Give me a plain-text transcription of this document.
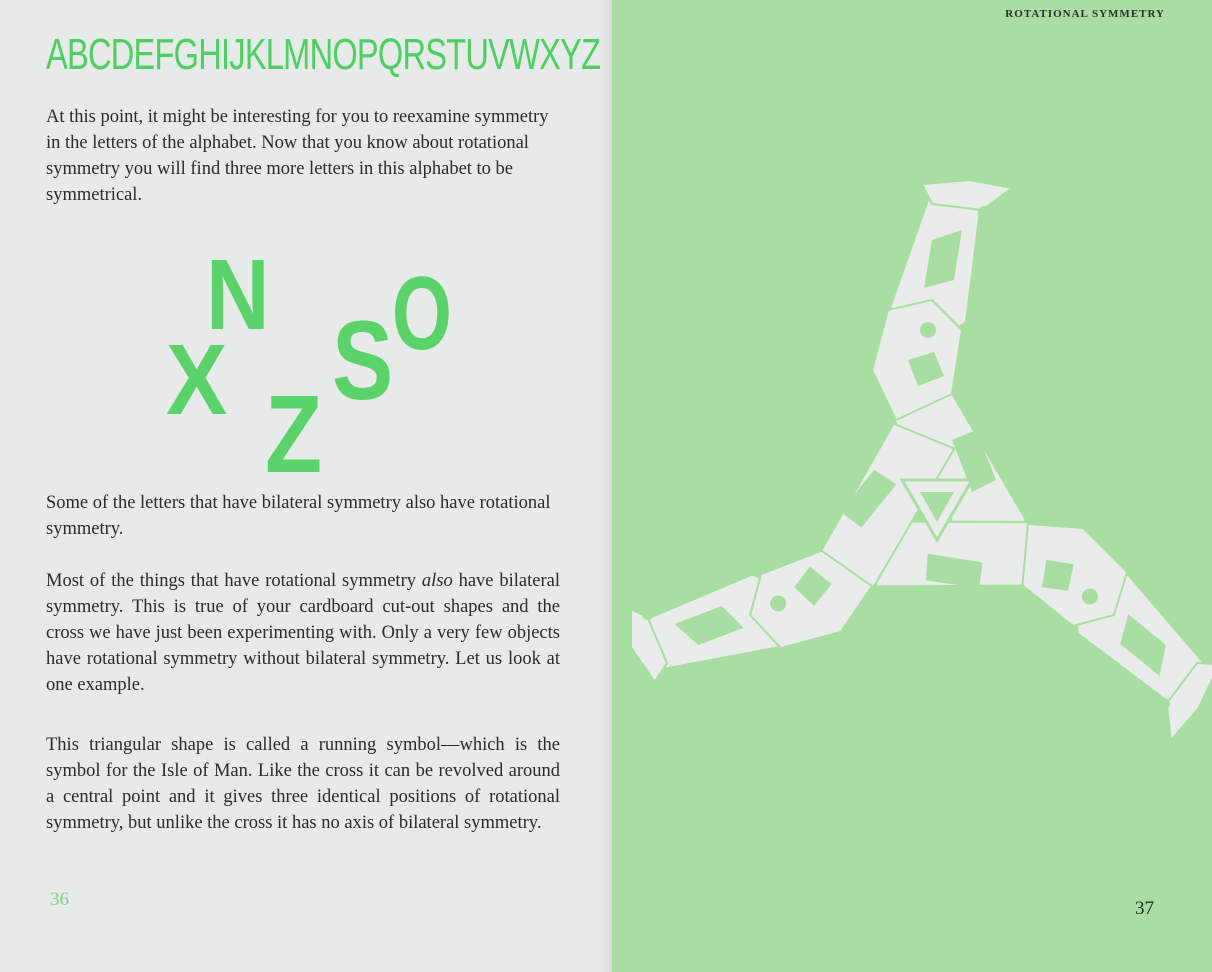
ABCDEFGHIJKLMNOPQRSTUVWXYZ

At this point, it might be interesting for you to reexamine symmetry in the letters of the alphabet. Now that you know about rotational symmetry you will find three more letters in this alphabet to be symmetrical.

N
X Z
S
O

Some of the letters that have bilateral symmetry also have rotational symmetry.

Most of the things that have rotational symmetry also have bilateral symmetry. This is true of your cardboard cut-out shapes and the cross we have just been experimenting with. Only a very few objects have rotational symmetry without bilateral symmetry. Let us look at one example.

This triangular shape is called a running symbol—which is the symbol for the Isle of Man. Like the cross it can be revolved around a central point and it gives three identical positions of rotational symmetry, but unlike the cross it has no axis of bilateral symmetry.

36
ROTATIONAL SYMMETRY
37
